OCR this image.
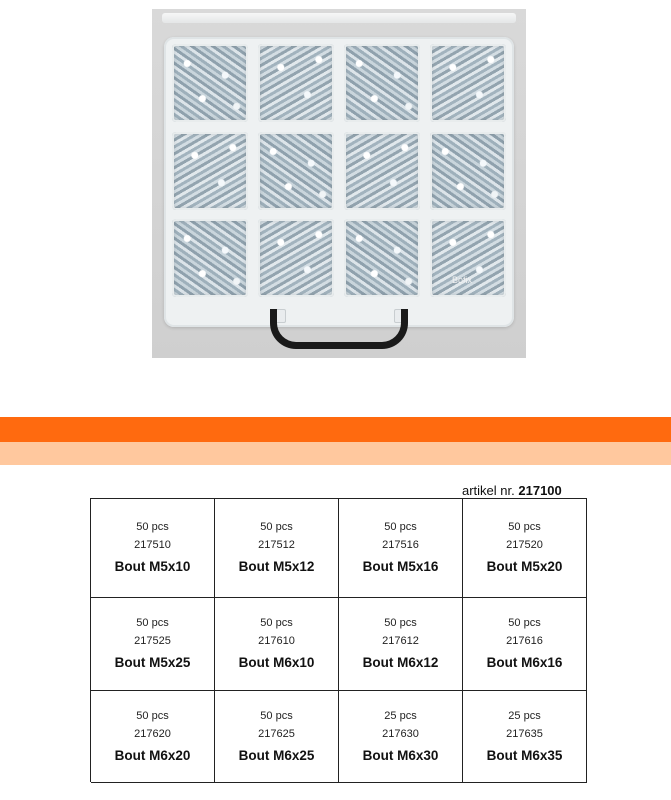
Bofix
artikel nr. 217100
50 pcs
217510
Bout M5x10
50 pcs
217512
Bout M5x12
50 pcs
217516
Bout M5x16
50 pcs
217520
Bout M5x20
50 pcs
217525
Bout M5x25
50 pcs
217610
Bout M6x10
50 pcs
217612
Bout M6x12
50 pcs
217616
Bout M6x16
50 pcs
217620
Bout M6x20
50 pcs
217625
Bout M6x25
25 pcs
217630
Bout M6x30
25 pcs
217635
Bout M6x35
